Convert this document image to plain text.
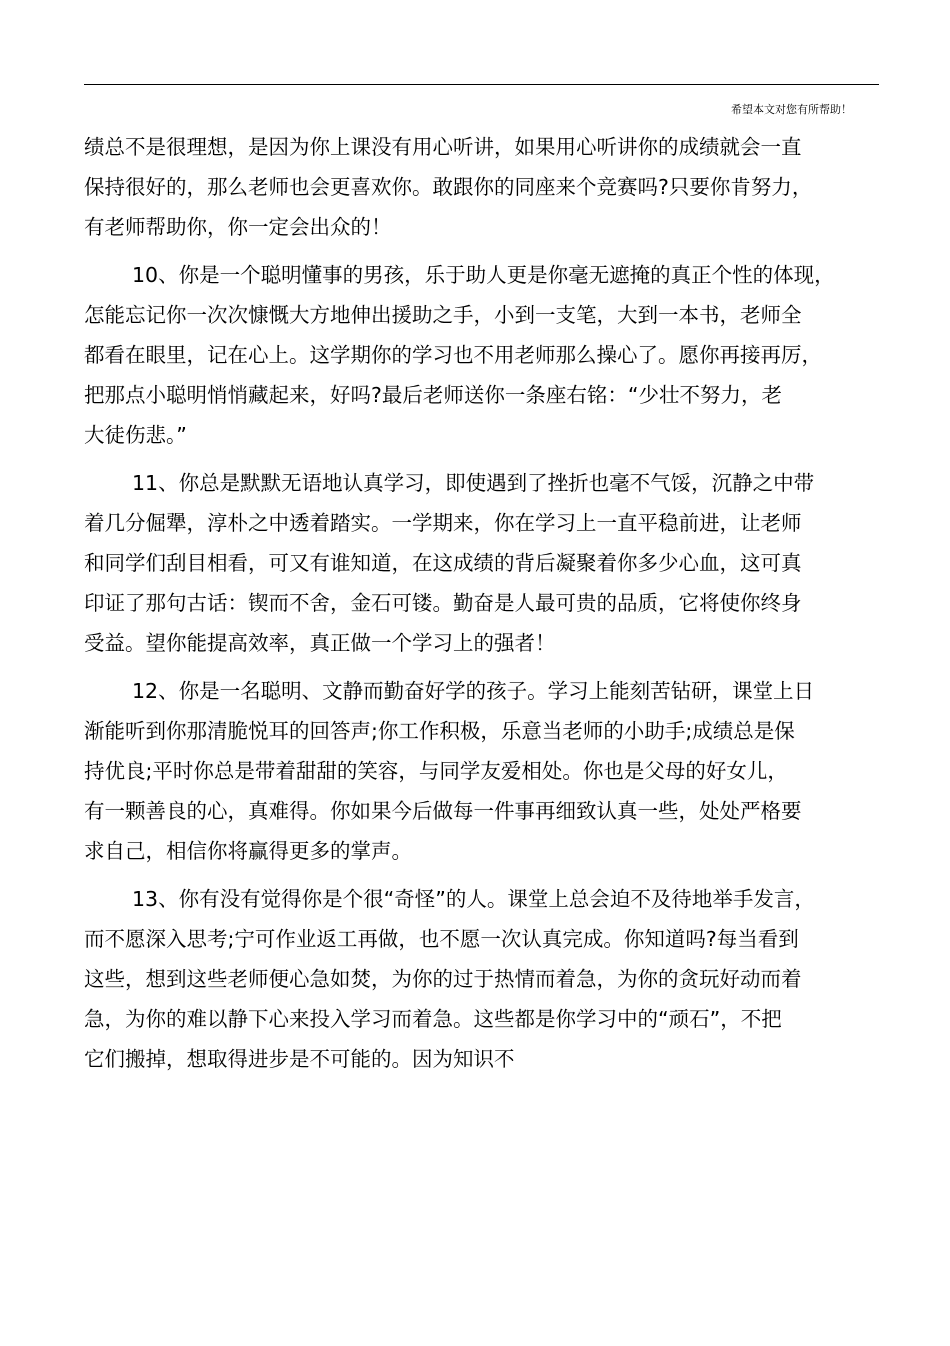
希望本文对您有所帮助！
绩总不是很理想，是因为你上课没有用心听讲，如果用心听讲你的成绩就会一直
保持很好的，那么老师也会更喜欢你。敢跟你的同座来个竞赛吗?只要你肯努力，
有老师帮助你，你一定会出众的！
10、你是一个聪明懂事的男孩，乐于助人更是你毫无遮掩的真正个性的体现，
怎能忘记你一次次慷慨大方地伸出援助之手，小到一支笔，大到一本书，老师全
都看在眼里，记在心上。这学期你的学习也不用老师那么操心了。愿你再接再厉，
把那点小聪明悄悄藏起来，好吗?最后老师送你一条座右铭：“少壮不努力，老
大徒伤悲。”
11、你总是默默无语地认真学习，即使遇到了挫折也毫不气馁，沉静之中带
着几分倔犟，淳朴之中透着踏实。一学期来，你在学习上一直平稳前进，让老师
和同学们刮目相看，可又有谁知道，在这成绩的背后凝聚着你多少心血，这可真
印证了那句古话：锲而不舍，金石可镂。勤奋是人最可贵的品质，它将使你终身
受益。望你能提高效率，真正做一个学习上的强者！
12、你是一名聪明、文静而勤奋好学的孩子。学习上能刻苦钻研，课堂上日
渐能听到你那清脆悦耳的回答声;你工作积极，乐意当老师的小助手;成绩总是保
持优良;平时你总是带着甜甜的笑容，与同学友爱相处。你也是父母的好女儿，
有一颗善良的心，真难得。你如果今后做每一件事再细致认真一些，处处严格要
求自己，相信你将赢得更多的掌声。
13、你有没有觉得你是个很“奇怪”的人。课堂上总会迫不及待地举手发言，
而不愿深入思考;宁可作业返工再做，也不愿一次认真完成。你知道吗?每当看到
这些，想到这些老师便心急如焚，为你的过于热情而着急，为你的贪玩好动而着
急，为你的难以静下心来投入学习而着急。这些都是你学习中的“顽石”，不把
它们搬掉，想取得进步是不可能的。因为知识不
